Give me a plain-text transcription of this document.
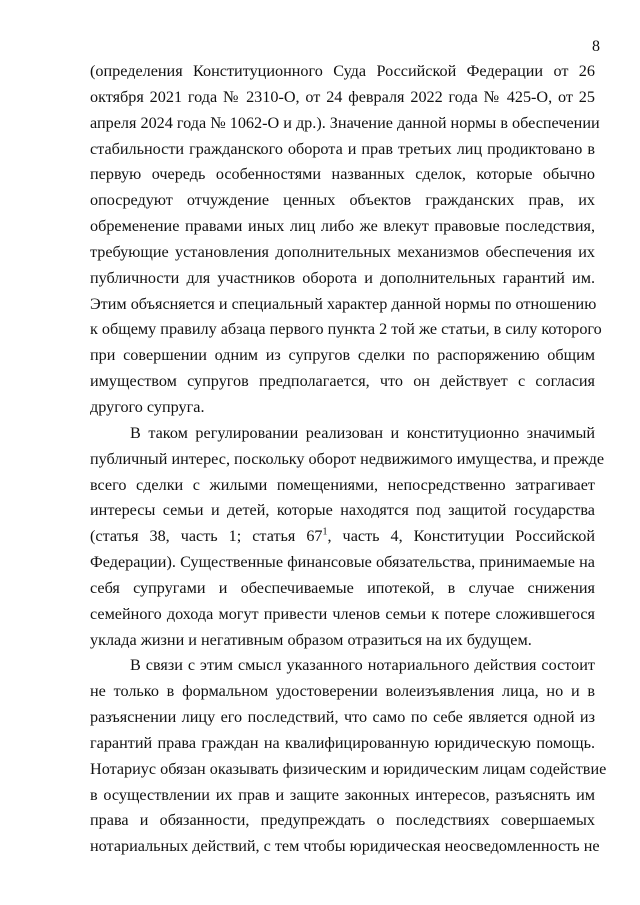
8
(определения Конституционного Суда Российской Федерации от 26
октября 2021 года № 2310-О, от 24 февраля 2022 года № 425-О, от 25
апреля 2024 года № 1062-О и др.). Значение данной нормы в обеспечении
стабильности гражданского оборота и прав третьих лиц продиктовано в
первую очередь особенностями названных сделок, которые обычно
опосредуют отчуждение ценных объектов гражданских прав, их
обременение правами иных лиц либо же влекут правовые последствия,
требующие установления дополнительных механизмов обеспечения их
публичности для участников оборота и дополнительных гарантий им.
Этим объясняется и специальный характер данной нормы по отношению
к общему правилу абзаца первого пункта 2 той же статьи, в силу которого
при совершении одним из супругов сделки по распоряжению общим
имуществом супругов предполагается, что он действует с согласия
другого супруга.
В таком регулировании реализован и конституционно значимый
публичный интерес, поскольку оборот недвижимого имущества, и прежде
всего сделки с жилыми помещениями, непосредственно затрагивает
интересы семьи и детей, которые находятся под защитой государства
(статья 38, часть 1; статья $67^1$, часть 4, Конституции Российской
Федерации). Существенные финансовые обязательства, принимаемые на
себя супругами и обеспечиваемые ипотекой, в случае снижения
семейного дохода могут привести членов семьи к потере сложившегося
уклада жизни и негативным образом отразиться на их будущем.
В связи с этим смысл указанного нотариального действия состоит
не только в формальном удостоверении волеизъявления лица, но и в
разъяснении лицу его последствий, что само по себе является одной из
гарантий права граждан на квалифицированную юридическую помощь.
Нотариус обязан оказывать физическим и юридическим лицам содействие
в осуществлении их прав и защите законных интересов, разъяснять им
права и обязанности, предупреждать о последствиях совершаемых
нотариальных действий, с тем чтобы юридическая неосведомленность не
